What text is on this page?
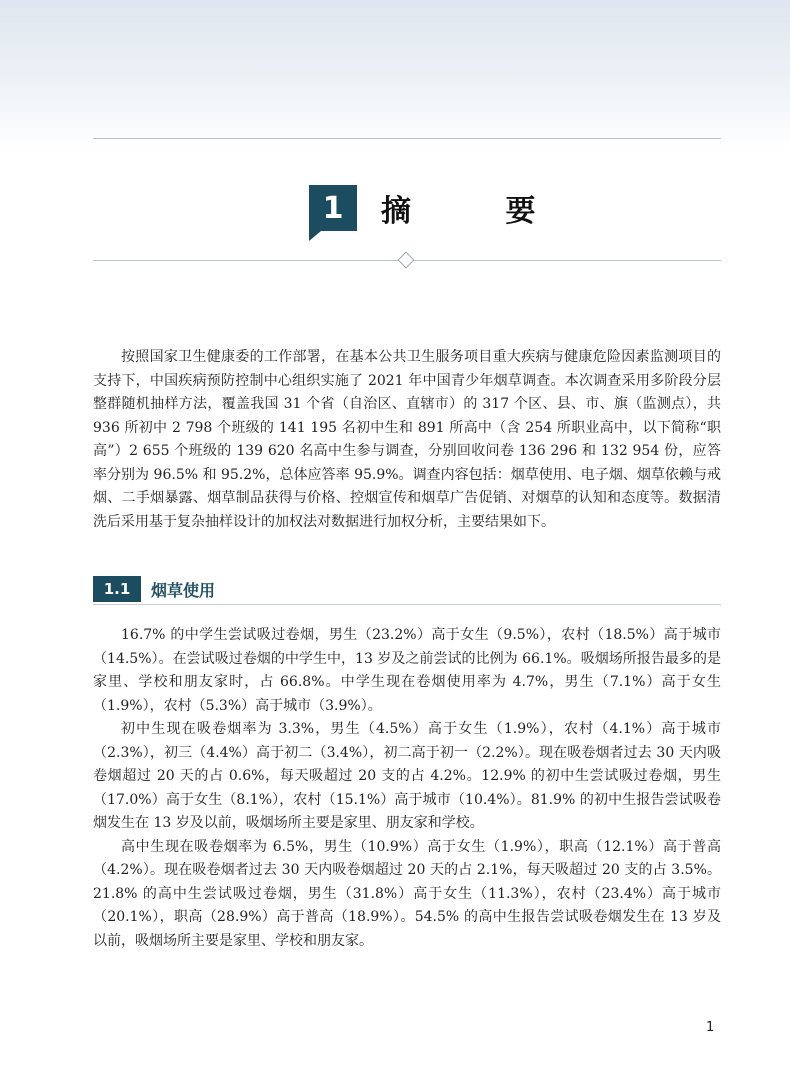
1 摘 要

按照国家卫生健康委的工作部署，在基本公共卫生服务项目重大疾病与健康危险因素监测项目的支持下，中国疾病预防控制中心组织实施了 2021 年中国青少年烟草调查。本次调查采用多阶段分层整群随机抽样方法，覆盖我国 31 个省（自治区、直辖市）的 317 个区、县、市、旗（监测点），共 936 所初中 2 798 个班级的 141 195 名初中生和 891 所高中（含 254 所职业高中，以下简称“职高”）2 655 个班级的 139 620 名高中生参与调查，分别回收问卷 136 296 和 132 954 份，应答率分别为 96.5% 和 95.2%，总体应答率 95.9%。调查内容包括：烟草使用、电子烟、烟草依赖与戒烟、二手烟暴露、烟草制品获得与价格、控烟宣传和烟草广告促销、对烟草的认知和态度等。数据清洗后采用基于复杂抽样设计的加权法对数据进行加权分析，主要结果如下。

1.1	烟草使用

16.7% 的中学生尝试吸过卷烟，男生（23.2%）高于女生（9.5%），农村（18.5%）高于城市（14.5%）。在尝试吸过卷烟的中学生中，13 岁及之前尝试的比例为 66.1%。吸烟场所报告最多的是家里、学校和朋友家时，占 66.8%。中学生现在卷烟使用率为 4.7%，男生（7.1%）高于女生（1.9%），农村（5.3%）高于城市（3.9%）。

初中生现在吸卷烟率为 3.3%，男生（4.5%）高于女生（1.9%），农村（4.1%）高于城市（2.3%），初三（4.4%）高于初二（3.4%），初二高于初一（2.2%）。现在吸卷烟者过去 30 天内吸卷烟超过 20 天的占 0.6%，每天吸超过 20 支的占 4.2%。12.9% 的初中生尝试吸过卷烟，男生（17.0%）高于女生（8.1%），农村（15.1%）高于城市（10.4%）。81.9% 的初中生报告尝试吸卷烟发生在 13 岁及以前，吸烟场所主要是家里、朋友家和学校。

高中生现在吸卷烟率为 6.5%，男生（10.9%）高于女生（1.9%），职高（12.1%）高于普高（4.2%）。现在吸卷烟者过去 30 天内吸卷烟超过 20 天的占 2.1%，每天吸超过 20 支的占 3.5%。21.8% 的高中生尝试吸过卷烟，男生（31.8%）高于女生（11.3%），农村（23.4%）高于城市（20.1%），职高（28.9%）高于普高（18.9%）。54.5% 的高中生报告尝试吸卷烟发生在 13 岁及以前，吸烟场所主要是家里、学校和朋友家。

1
